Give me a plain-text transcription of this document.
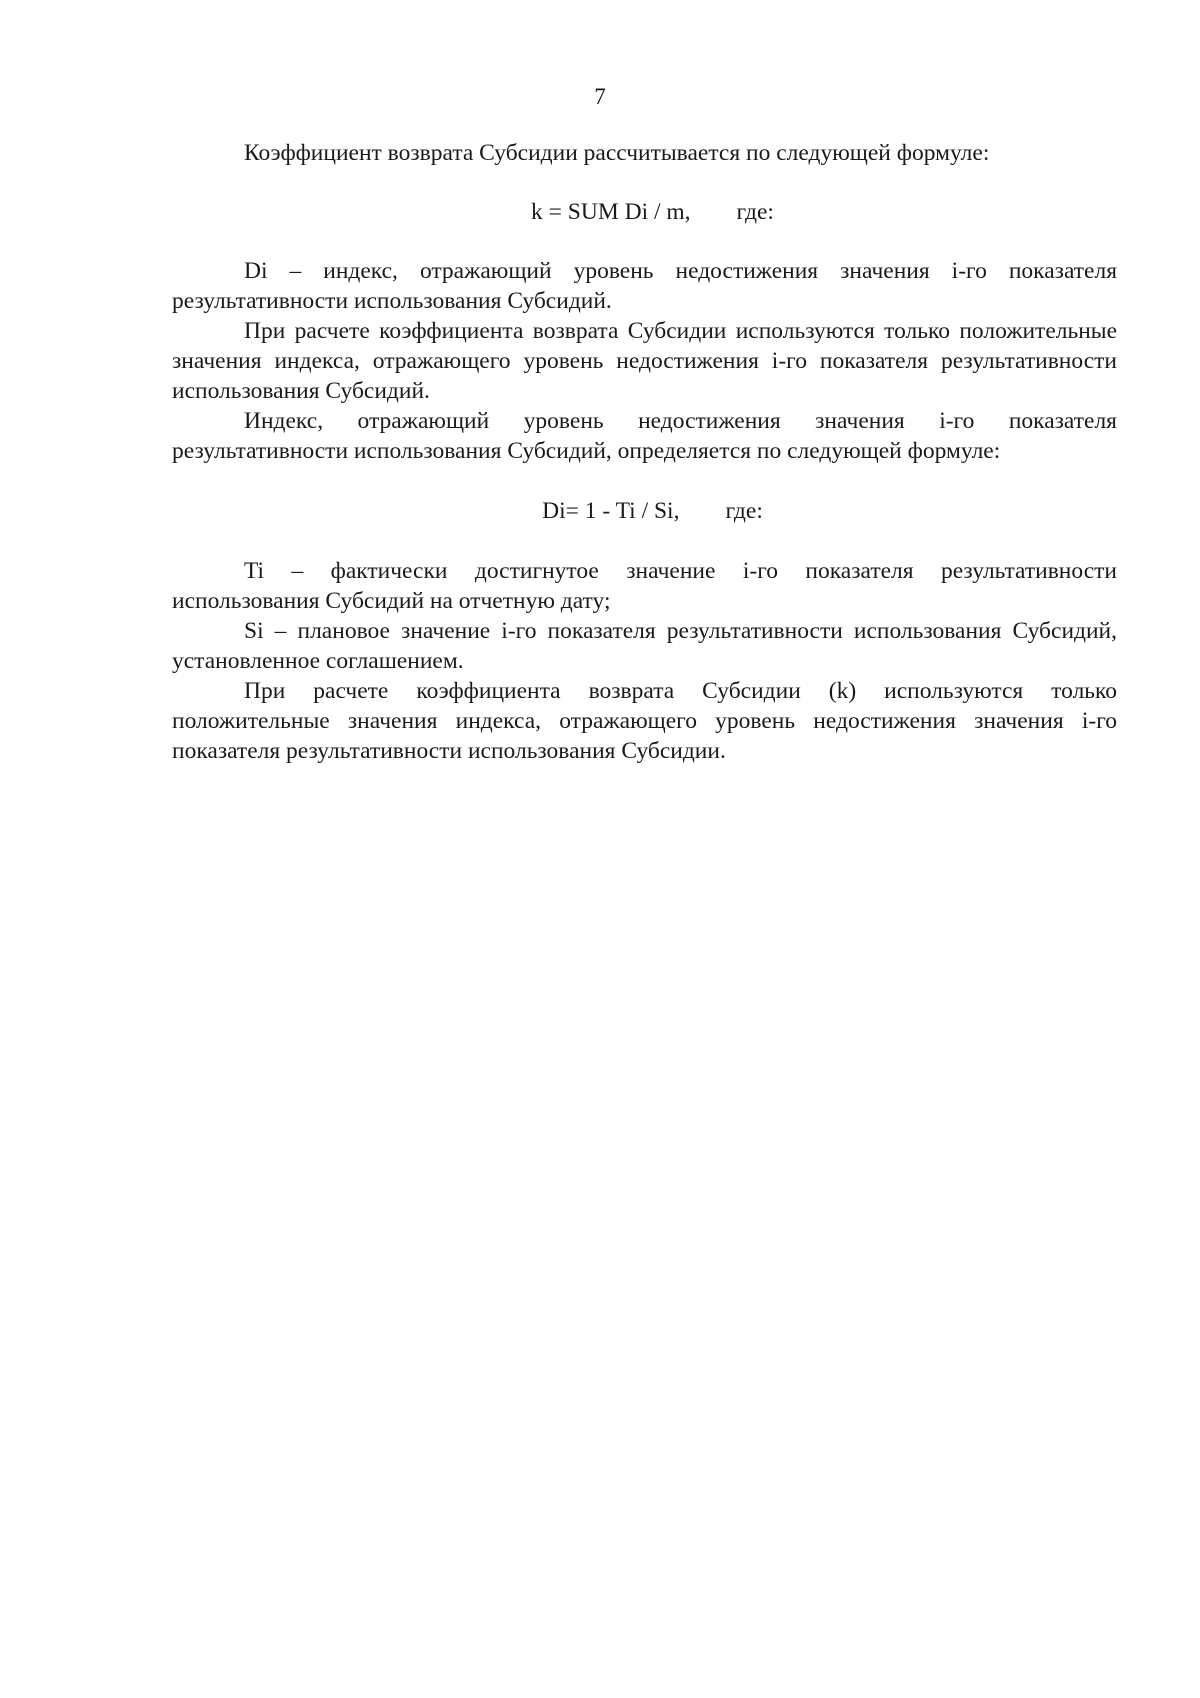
7

Коэффициент возврата Субсидии рассчитывается по следующей формуле:

k = SUM Di / m, где:

Di – индекс, отражающий уровень недостижения значения i-го показателя результативности использования Субсидий.

При расчете коэффициента возврата Субсидии используются только положительные значения индекса, отражающего уровень недостижения i-го показателя результативности использования Субсидий.

Индекс, отражающий уровень недостижения значения i-го показателя результативности использования Субсидий, определяется по следующей формуле:

Di= 1 - Ti / Si, где:

Ti – фактически достигнутое значение i-го показателя результативности использования Субсидий на отчетную дату;

Si – плановое значение i-го показателя результативности использования Субсидий, установленное соглашением.

При расчете коэффициента возврата Субсидии (k) используются только положительные значения индекса, отражающего уровень недостижения значения i-го показателя результативности использования Субсидии.
